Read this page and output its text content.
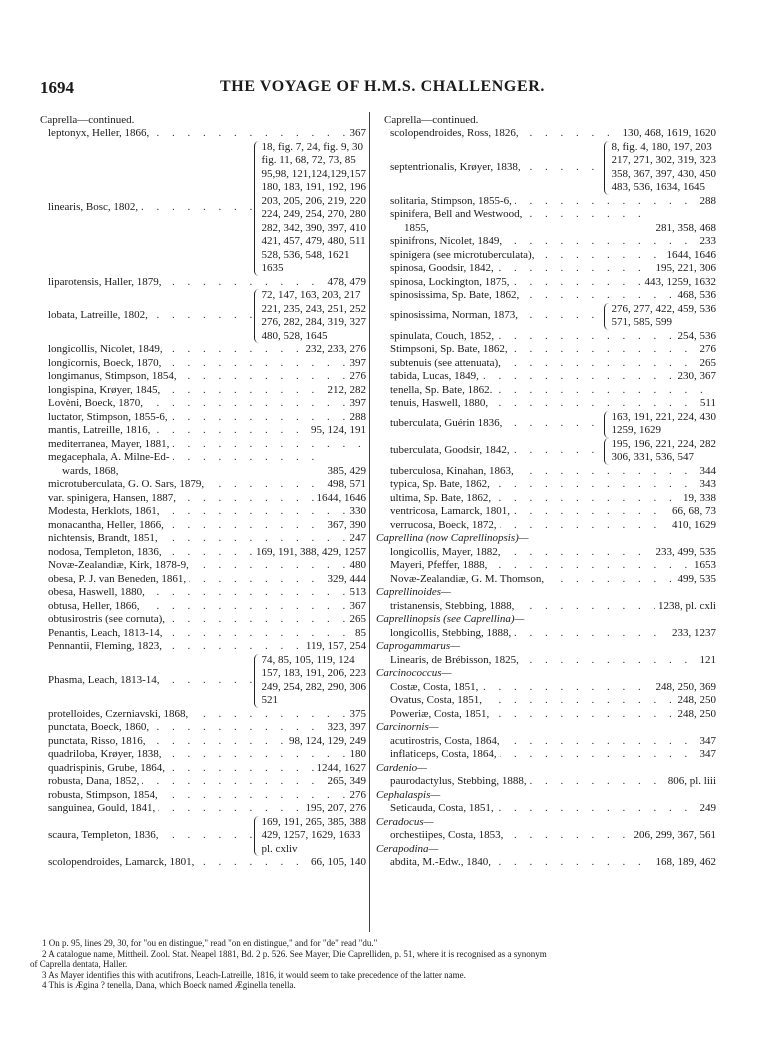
1694	THE VOYAGE OF H.M.S. CHALLENGER.
Caprella—continued.
leptonyx, Heller, 1866, . . .	367
linearis, Bosc, 1802, . . .
18, fig. 7, 24, fig. 9, 30
fig. 11, 68, 72, 73, 85
95,98, 121,124,129,157
180, 183, 191, 192, 196
203, 205, 206, 219, 220
224, 249, 254, 270, 280
282, 342, 390, 397, 410
421, 457, 479, 480, 511
528, 536, 548, 1621
1635
liparotensis, Haller, 1879, . . .	478, 479
lobata, Latreille, 1802, . . .
72, 147, 163, 203, 217
221, 235, 243, 251, 252
276, 282, 284, 319, 327
480, 528, 1645
longicollis, Nicolet, 1849, . . .	232, 233, 276
longicornis, Boeck, 1870, . . .	397
longimanus, Stimpson, 1854, . . .	276
longispina, Krøyer, 1845, . . .	212, 282
Lovèni, Boeck, 1870, . . .	397
luctator, Stimpson, 1855-6, . . .	288
mantis, Latreille, 1816, . . .	95, 124, 191
mediterranea, Mayer, 1881, . . .
megacephala, A. Milne-Ed-
wards, 1868,
. . .	385, 429
microtuberculata, G. O. Sars, 1879, . . .	498, 571
var. spinigera, Hansen, 1887, . . .	1644, 1646
Modesta, Herklots, 1861, . . .	330
monacantha, Heller, 1866, . . .	367, 390
nichtensis, Brandt, 1851, . . .	247
nodosa, Templeton, 1836, . . .	169, 191, 388, 429, 1257
Novæ-Zealandiæ, Kirk, 1878-9, . . .	480
obesa, P. J. van Beneden, 1861, . . .	329, 444
obesa, Haswell, 1880, . . .	513
obtusa, Heller, 1866, . . .	367
obtusirostris (see cornuta), . . .	265
Penantis, Leach, 1813-14, . . .	85
Pennantii, Fleming, 1823, . . .	119, 157, 254
Phasma, Leach, 1813-14, . . .
74, 85, 105, 119, 124
157, 183, 191, 206, 223
249, 254, 282, 290, 306
521
protelloides, Czerniavski, 1868, . . .	375
punctata, Boeck, 1860, . . .	323, 397
punctata, Risso, 1816, . . .	98, 124, 129, 249
quadriloba, Krøyer, 1838, . . .	180
quadrispinis, Grube, 1864, . . .	1244, 1627
robusta, Dana, 1852, . . .	265, 349
robusta, Stimpson, 1854, . . .	276
sanguinea, Gould, 1841, . . .	195, 207, 276
scaura, Templeton, 1836, . . .
169, 191, 265, 385, 388
429, 1257, 1629, 1633
pl. cxliv
scolopendroides, Lamarck, 1801, . . .	66, 105, 140
Caprella—continued.
scolopendroides, Ross, 1826, . . .	130, 468, 1619, 1620
septentrionalis, Krøyer, 1838, . . .
8, fig. 4, 180, 197, 203
217, 271, 302, 319, 323
358, 367, 397, 430, 450
483, 536, 1634, 1645
solitaria, Stimpson, 1855-6, . . .	288
spinifera, Bell and Westwood,
1855,
. . .	281, 358, 468
spinifrons, Nicolet, 1849, . . .	233
spinigera (see microtuberculata), . . .	1644, 1646
spinosa, Goodsir, 1842, . . .	195, 221, 306
spinosa, Lockington, 1875, . . .	443, 1259, 1632
spinosissima, Sp. Bate, 1862, . . .	468, 536
spinosissima, Norman, 1873, . . .
276, 277, 422, 459, 536
571, 585, 599
spinulata, Couch, 1852, . . .	254, 536
Stimpsoni, Sp. Bate, 1862, . . .	276
subtenuis (see attenuata), . . .	265
tabida, Lucas, 1849, . . .	230, 367
tenella, Sp. Bate, 1862. . . .
tenuis, Haswell, 1880, . . .	511
tuberculata, Guérin 1836, . . .
163, 191, 221, 224, 430
1259, 1629
tuberculata, Goodsir, 1842, . . .
195, 196, 221, 224, 282
306, 331, 536, 547
tuberculosa, Kinahan, 1863, . . .	344
typica, Sp. Bate, 1862, . . .	343
ultima, Sp. Bate, 1862, . . .	19, 338
ventricosa, Lamarck, 1801, . . .	66, 68, 73
verrucosa, Boeck, 1872, . . .	410, 1629
Caprellina (now Caprellinopsis)—
longicollis, Mayer, 1882, . . .	233, 499, 535
Mayeri, Pfeffer, 1888, . . .	1653
Novæ-Zealandiæ, G. M. Thomson, . . .	499, 535
Caprellinoides—
tristanensis, Stebbing, 1888, . . .	1238, pl. cxli
Caprellinopsis (see Caprellina)—
longicollis, Stebbing, 1888, . . .	233, 1237
Caprogammarus—
Linearis, de Brébisson, 1825, . . .	121
Carcinococcus—
Costæ, Costa, 1851, . . .	248, 250, 369
Ovatus, Costa, 1851, . . .	248, 250
Poweriæ, Costa, 1851, . . .	248, 250
Carcinornis—
acutirostris, Costa, 1864, . . .	347
inflaticeps, Costa, 1864, . . .	347
Cardenio—
paurodactylus, Stebbing, 1888, . . .	806, pl. liii
Cephalaspis—
Seticauda, Costa, 1851, . . .	249
Ceradocus—
orchestiipes, Costa, 1853, . . .	206, 299, 367, 561
Cerapodina—
abdita, M.-Edw., 1840, . . .	168, 189, 462
1 On p. 95, lines 29, 30, for "ou en distingue," read "on en distingue," and for "de" read "du."
2 A catalogue name, Mittheil. Zool. Stat. Neapel 1881, Bd. 2 p. 526. See Mayer, Die Caprelliden, p. 51, where it is recognised as a synonym
of Caprella dentata, Haller.
3 As Mayer identifies this with acutifrons, Leach-Latreille, 1816, it would seem to take precedence of the latter name.
4 This is Ægina ? tenella, Dana, which Boeck named Æginella tenella.
